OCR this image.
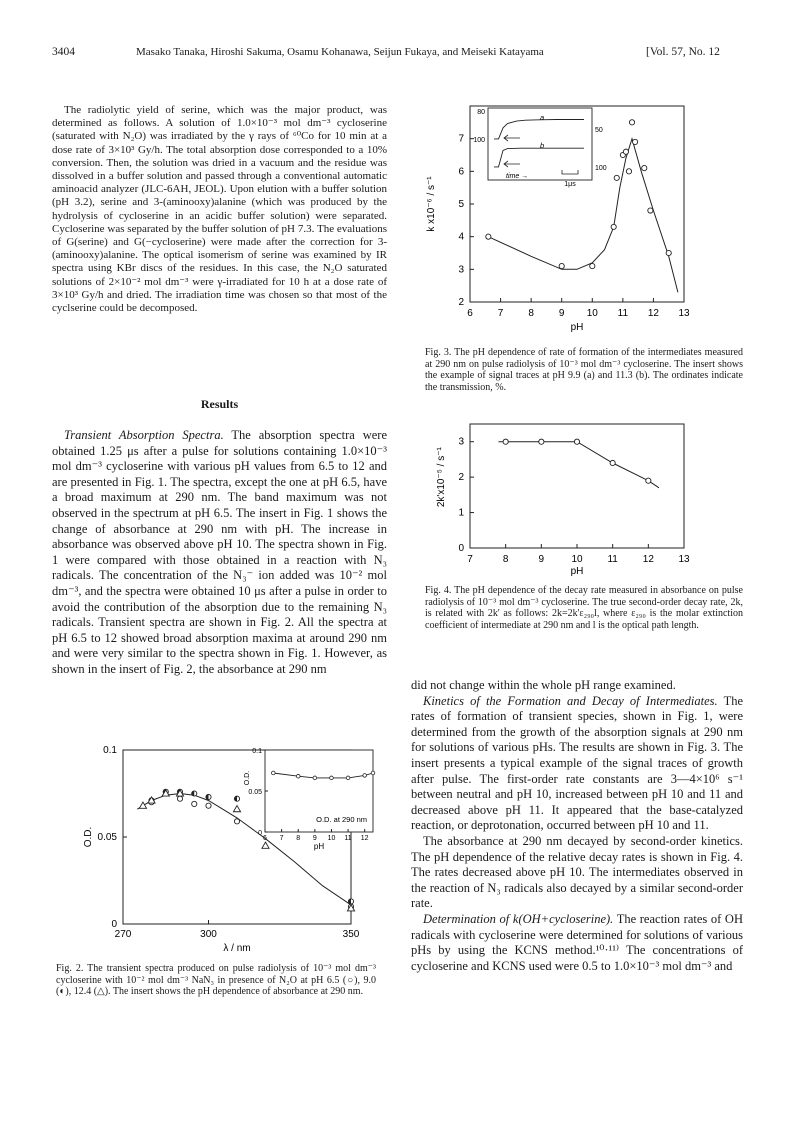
3404	Masako Tanaka, Hiroshi Sakuma, Osamu Kohanawa, Seijun Fukaya, and Meiseki Katayama	[Vol. 57, No. 12

The radiolytic yield of serine, which was the major product, was determined as follows. A solution of 1.0×10⁻³ mol dm⁻³ cycloserine (saturated with N₂O) was irradiated by the γ rays of ⁶⁰Co for 10 min at a dose rate of 3×10³ Gy/h. The total absorption dose corresponded to a 10% conversion. Then, the solution was dried in a vacuum and the residue was dissolved in a buffer solution and passed through a conventional automatic aminoacid analyzer (JLC-6AH, JEOL). Upon elution with a buffer solution (pH 3.2), serine and 3-(aminooxy)alanine (which was produced by the hydrolysis of cycloserine in an acidic buffer solution) were separated. Cycloserine was separated by the buffer solution of pH 7.3. The evaluations of G(serine) and G(−cycloserine) were made after the correction for 3-(aminooxy)alanine. The optical isomerism of serine was examined by IR spectra using KBr discs of the residues. In this case, the N₂O saturated solutions of 2×10⁻² mol dm⁻³ were γ-irradiated for 10 h at a dose rate of 3×10³ Gy/h and dried. The irradiation time was chosen so that most of the cyclserine could be decomposed.

Results

Transient Absorption Spectra. The absorption spectra were obtained 1.25 μs after a pulse for solutions containing 1.0×10⁻³ mol dm⁻³ cycloserine with various pH values from 6.5 to 12 and are presented in Fig. 1. The spectra, except the one at pH 6.5, have a broad maximum at 290 nm. The band maximum was not observed in the spectrum at pH 6.5. The insert in Fig. 1 shows the change of absorbance at 290 nm with pH. The increase in absorbance was observed above pH 10. The spectra shown in Fig. 1 were compared with those obtained in a reaction with N₃ radicals. The concentration of the N₃⁻ ion added was 10⁻² mol dm⁻³, and the spectra were obtained 10 μs after a pulse in order to avoid the contribution of the absorption due to the remaining N₃ radicals. Transient spectra are shown in Fig. 2. All the spectra at pH 6.5 to 12 showed broad absorption maxima at around 290 nm and were very similar to the spectra shown in Fig. 1. However, as shown in the insert of Fig. 2, the absorbance at 290 nm

270	300	350
0
0.05
0.1
λ / nm
O.D.	0
0.05
0.1
6 7 8 9 10 11 12
pH
O.D.
O.D. at 290 nm
Fig. 2. The transient spectra produced on pulse radiolysis of 10⁻³ mol dm⁻³ cycloserine with 10⁻² mol dm⁻³ NaN₃ in presence of N₂O at pH 6.5 (○), 9.0 (◐), 12.4 (△). The insert shows the pH dependence of absorbance at 290 nm.
6	7	8	9 10 11 12 13
2
3
4
5
6
7
pH
k x10⁻⁶ / s⁻¹
80
100
50
100
a
b
time →
1μs
Fig. 3. The pH dependence of rate of formation of the intermediates measured at 290 nm on pulse radiolysis of 10⁻³ mol dm⁻³ cycloserine. The insert shows the example of signal traces at pH 9.9 (a) and 11.3 (b). The ordinates indicate the transmission, %.
7	8	9	10 11 12 13
0
1
2
3
pH
2k'x10⁻⁵ / s⁻¹
Fig. 4. The pH dependence of the decay rate measured in absorbance on pulse radiolysis of 10⁻³ mol dm⁻³ cycloserine. The true second-order decay rate, 2k, is related with 2k' as follows: 2k=2k'ε₂₉₀l, where ε₂₉₀ is the molar extinction coefficient of intermediate at 290 nm and l is the optical path length.

did not change within the whole pH range examined.

Kinetics of the Formation and Decay of Intermediates. The rates of formation of transient species, shown in Fig. 1, were determined from the growth of the absorption signals at 290 nm for solutions of various pHs. The results are shown in Fig. 3. The insert presents a typical example of the signal traces of growth after pulse. The first-order rate constants are 3—4×10⁶ s⁻¹ between neutral and pH 10, increased between pH 10 and 11 and decreased above pH 11. It appeared that the base-catalyzed reaction, or deprotonation, occurred between pH 10 and 11.

The absorbance at 290 nm decayed by second-order kinetics. The pH dependence of the relative decay rates is shown in Fig. 4. The rates decreased above pH 10. The intermediates observed in the reaction of N₃ radicals also decayed by a similar second-order rate.

Determination of k(OH+cycloserine). The reaction rates of OH radicals with cycloserine were determined for solutions of various pHs by using the KCNS method.¹⁰·¹¹⁾ The concentrations of cycloserine and KCNS used were 0.5 to 1.0×10⁻³ mol dm⁻³ and
